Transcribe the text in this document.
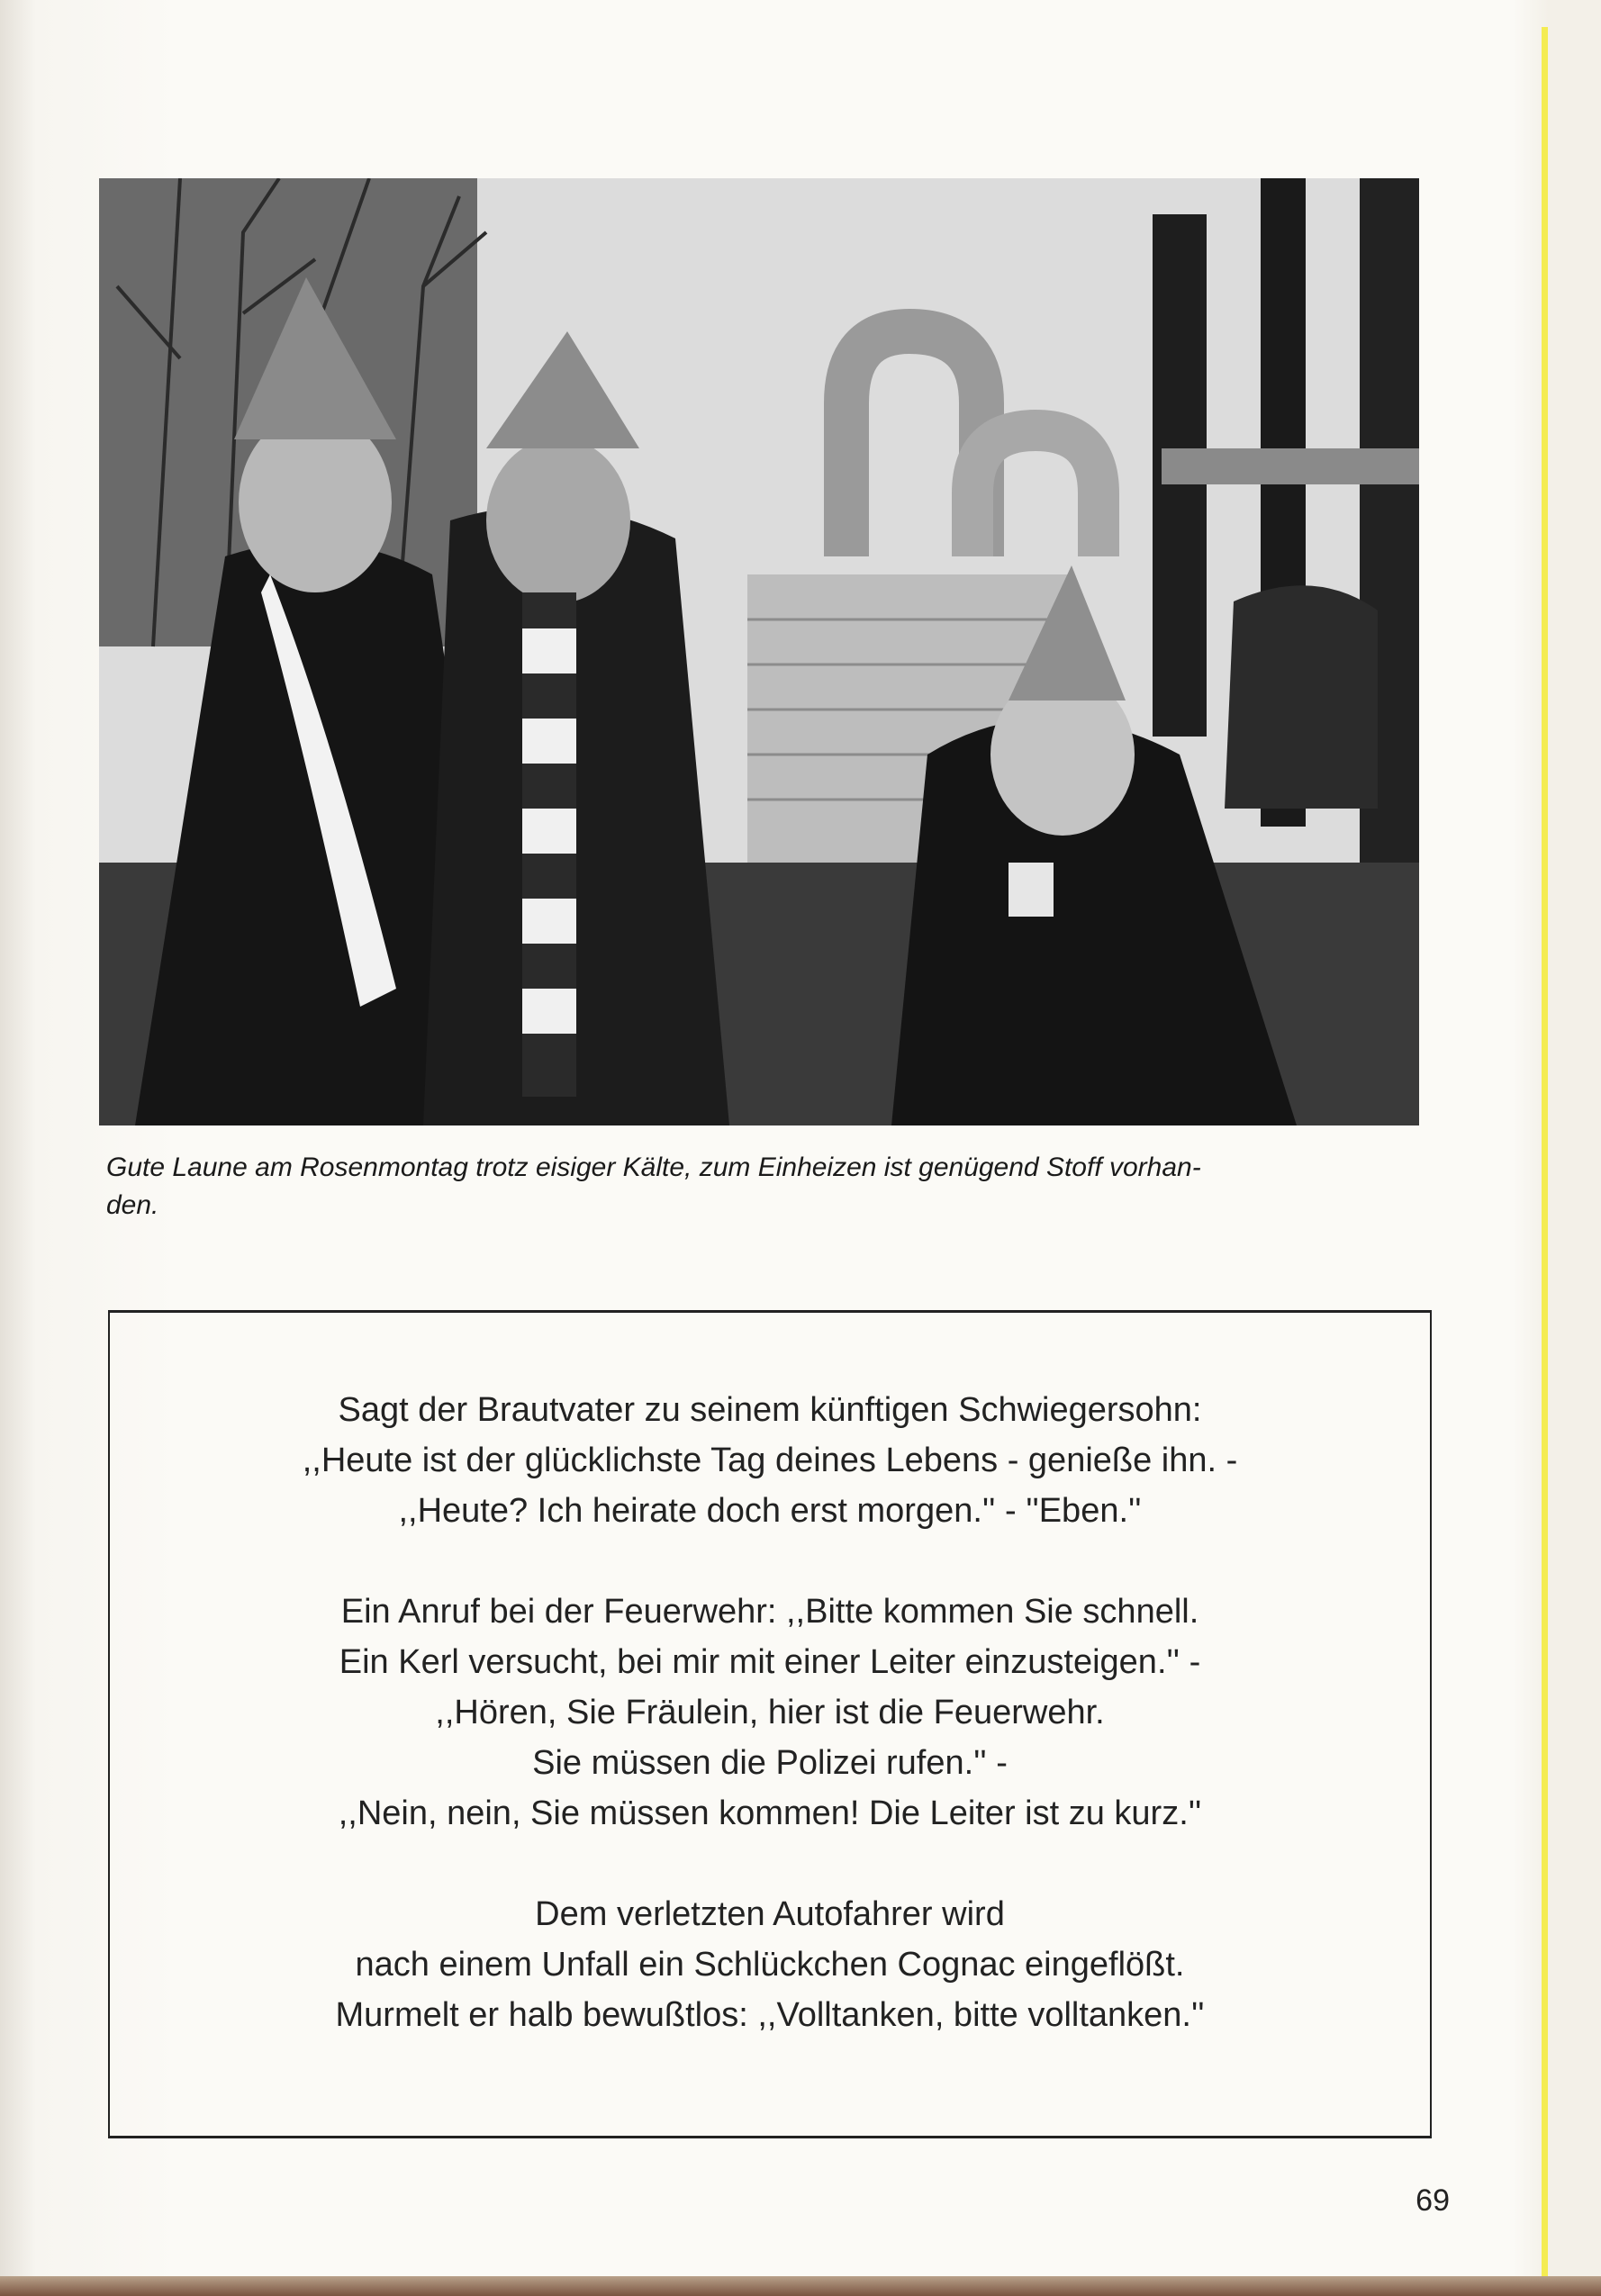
Gute Laune am Rosenmontag trotz eisiger Kälte, zum Einheizen ist genügend Stoff vorhan-
den.
Sagt der Brautvater zu seinem künftigen Schwiegersohn:
,,Heute ist der glücklichste Tag deines Lebens - genieße ihn. -
,,Heute? Ich heirate doch erst morgen.'' - ''Eben.''
Ein Anruf bei der Feuerwehr: ,,Bitte kommen Sie schnell.
Ein Kerl versucht, bei mir mit einer Leiter einzusteigen.'' -
,,Hören, Sie Fräulein, hier ist die Feuerwehr.
Sie müssen die Polizei rufen.'' -
,,Nein, nein, Sie müssen kommen! Die Leiter ist zu kurz.''
Dem verletzten Autofahrer wird
nach einem Unfall ein Schlückchen Cognac eingeflößt.
Murmelt er halb bewußtlos: ,,Volltanken, bitte volltanken.''
69
